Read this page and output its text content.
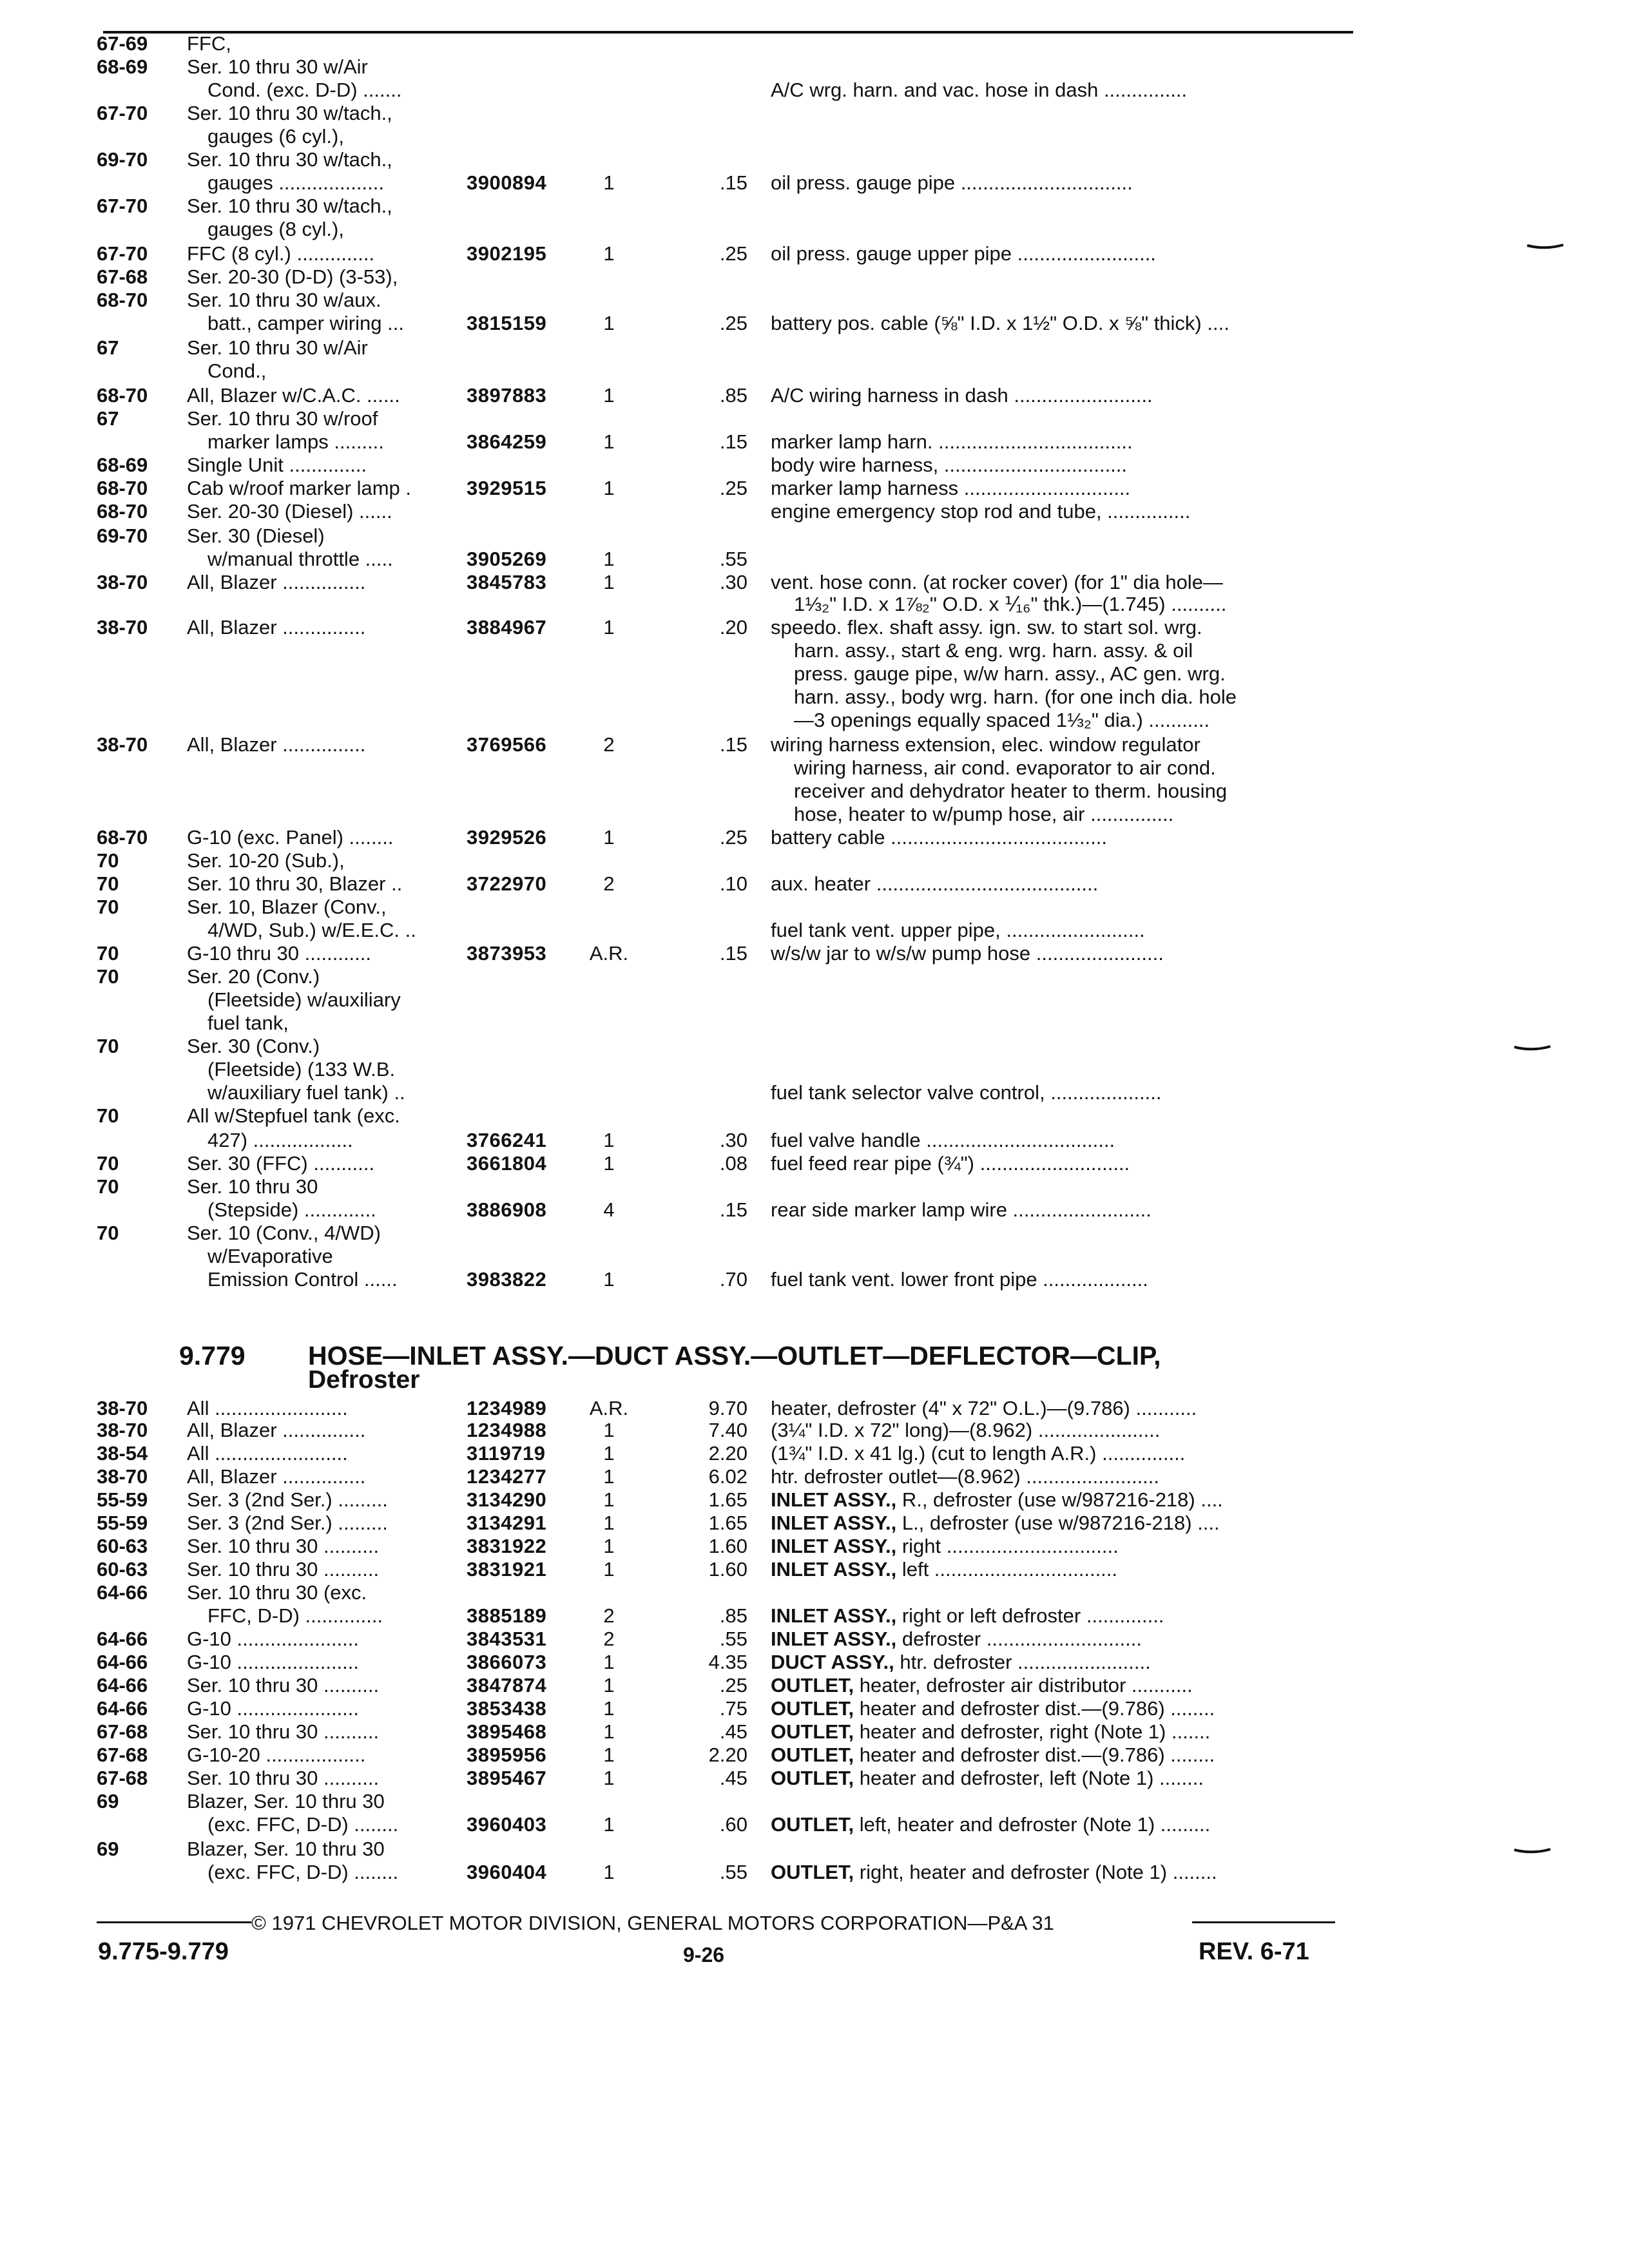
67-69	FFC,
68-69	Ser. 10 thru 30 w/Air
Cond. (exc. D-D) .......	A/C wrg. harn. and vac. hose in dash ...............
67-70	Ser. 10 thru 30 w/tach.,
gauges (6 cyl.),
69-70	Ser. 10 thru 30 w/tach.,
gauges ...................	3900894	1	.15 oil press. gauge pipe ...............................
67-70	Ser. 10 thru 30 w/tach.,
gauges (8 cyl.),
67-70	FFC (8 cyl.) ..............	3902195	1	.25 oil press. gauge upper pipe .........................
67-68	Ser. 20-30 (D-D) (3-53),
68-70	Ser. 10 thru 30 w/aux.
batt., camper wiring ...	3815159	1	.25 battery pos. cable (⅝" I.D. x 1½" O.D. x ⅝" thick) ....
67	Ser. 10 thru 30 w/Air
Cond.,
68-70	All, Blazer w/C.A.C. ......	3897883	1	.85 A/C wiring harness in dash .........................
67	Ser. 10 thru 30 w/roof
marker lamps .........	3864259	1	.15 marker lamp harn. ...................................
68-69	Single Unit ..............	body wire harness, .................................
68-70	Cab w/roof marker lamp .	3929515	1	.25 marker lamp harness ..............................
68-70	Ser. 20-30 (Diesel) ......	engine emergency stop rod and tube, ...............
69-70	Ser. 30 (Diesel)
w/manual throttle .....	3905269	1	.55
38-70	All, Blazer ...............	3845783	1	.30 vent. hose conn. (at rocker cover) (for 1" dia hole—
1⅓₂" I.D. x 1⅞₂" O.D. x ⅟₁₆" thk.)—(1.745) ..........
38-70	All, Blazer ...............	3884967	1	.20 speedo. flex. shaft assy. ign. sw. to start sol. wrg.
harn. assy., start & eng. wrg. harn. assy. & oil
press. gauge pipe, w/w harn. assy., AC gen. wrg.
harn. assy., body wrg. harn. (for one inch dia. hole
—3 openings equally spaced 1⅓₂" dia.) ...........
38-70	All, Blazer ...............	3769566	2	.15 wiring harness extension, elec. window regulator
wiring harness, air cond. evaporator to air cond.
receiver and dehydrator heater to therm. housing
hose, heater to w/pump hose, air ...............
68-70	G-10 (exc. Panel) ........	3929526	1	.25 battery cable .......................................
70	Ser. 10-20 (Sub.),
70	Ser. 10 thru 30, Blazer ..	3722970	2	.10 aux. heater ........................................
70	Ser. 10, Blazer (Conv.,
4/WD, Sub.) w/E.E.C. ..	fuel tank vent. upper pipe, .........................
70	G-10 thru 30 ............	3873953	A.R.	.15 w/s/w jar to w/s/w pump hose .......................
70	Ser. 20 (Conv.)
(Fleetside) w/auxiliary
fuel tank,
70	Ser. 30 (Conv.)
(Fleetside) (133 W.B.
w/auxiliary fuel tank) ..	fuel tank selector valve control, ....................
70	All w/Stepfuel tank (exc.
427) ..................	3766241	1	.30 fuel valve handle ..................................
70	Ser. 30 (FFC) ...........	3661804	1	.08 fuel feed rear pipe (¾") ...........................
70	Ser. 10 thru 30
(Stepside) .............	3886908	4	.15 rear side marker lamp wire .........................
70	Ser. 10 (Conv., 4/WD)
w/Evaporative
Emission Control ......	3983822	1	.70 fuel tank vent. lower front pipe ...................
9.779 HOSE—INLET ASSY.—DUCT ASSY.—OUTLET—DEFLECTOR—CLIP,
Defroster
38-70	All ........................	1234989	A.R.	9.70 heater, defroster (4" x 72" O.L.)—(9.786) ...........
38-70	All, Blazer ...............	1234988	1	7.40 (3¼" I.D. x 72" long)—(8.962) ......................
38-54	All ........................	3119719	1	2.20 (1¾" I.D. x 41 lg.) (cut to length A.R.) ...............
38-70	All, Blazer ...............	1234277	1	6.02 htr. defroster outlet—(8.962) ........................
55-59	Ser. 3 (2nd Ser.) .........	3134290	1	1.65 INLET ASSY., R., defroster (use w/987216-218) ....
55-59	Ser. 3 (2nd Ser.) .........	3134291	1	1.65 INLET ASSY., L., defroster (use w/987216-218) ....
60-63	Ser. 10 thru 30 ..........	3831922	1	1.60 INLET ASSY., right ...............................
60-63	Ser. 10 thru 30 ..........	3831921	1	1.60 INLET ASSY., left .................................
64-66	Ser. 10 thru 30 (exc.
FFC, D-D) ..............	3885189	2	.85 INLET ASSY., right or left defroster ..............
64-66	G-10 ......................	3843531	2	.55 INLET ASSY., defroster ............................
64-66	G-10 ......................	3866073	1	4.35 DUCT ASSY., htr. defroster ........................
64-66	Ser. 10 thru 30 ..........	3847874	1	.25 OUTLET, heater, defroster air distributor ...........
64-66	G-10 ......................	3853438	1	.75 OUTLET, heater and defroster dist.—(9.786) ........
67-68	Ser. 10 thru 30 ..........	3895468	1	.45 OUTLET, heater and defroster, right (Note 1) .......
67-68	G-10-20 ..................	3895956	1	2.20 OUTLET, heater and defroster dist.—(9.786) ........
67-68	Ser. 10 thru 30 ..........	3895467	1	.45 OUTLET, heater and defroster, left (Note 1) ........
69	Blazer, Ser. 10 thru 30
(exc. FFC, D-D) ........	3960403	1	.60 OUTLET, left, heater and defroster (Note 1) .........
69	Blazer, Ser. 10 thru 30
(exc. FFC, D-D) ........	3960404	1	.55 OUTLET, right, heater and defroster (Note 1) ........
© 1971 CHEVROLET MOTOR DIVISION, GENERAL MOTORS CORPORATION—P&A 31
9.775-9.779	9-26	REV. 6-71
